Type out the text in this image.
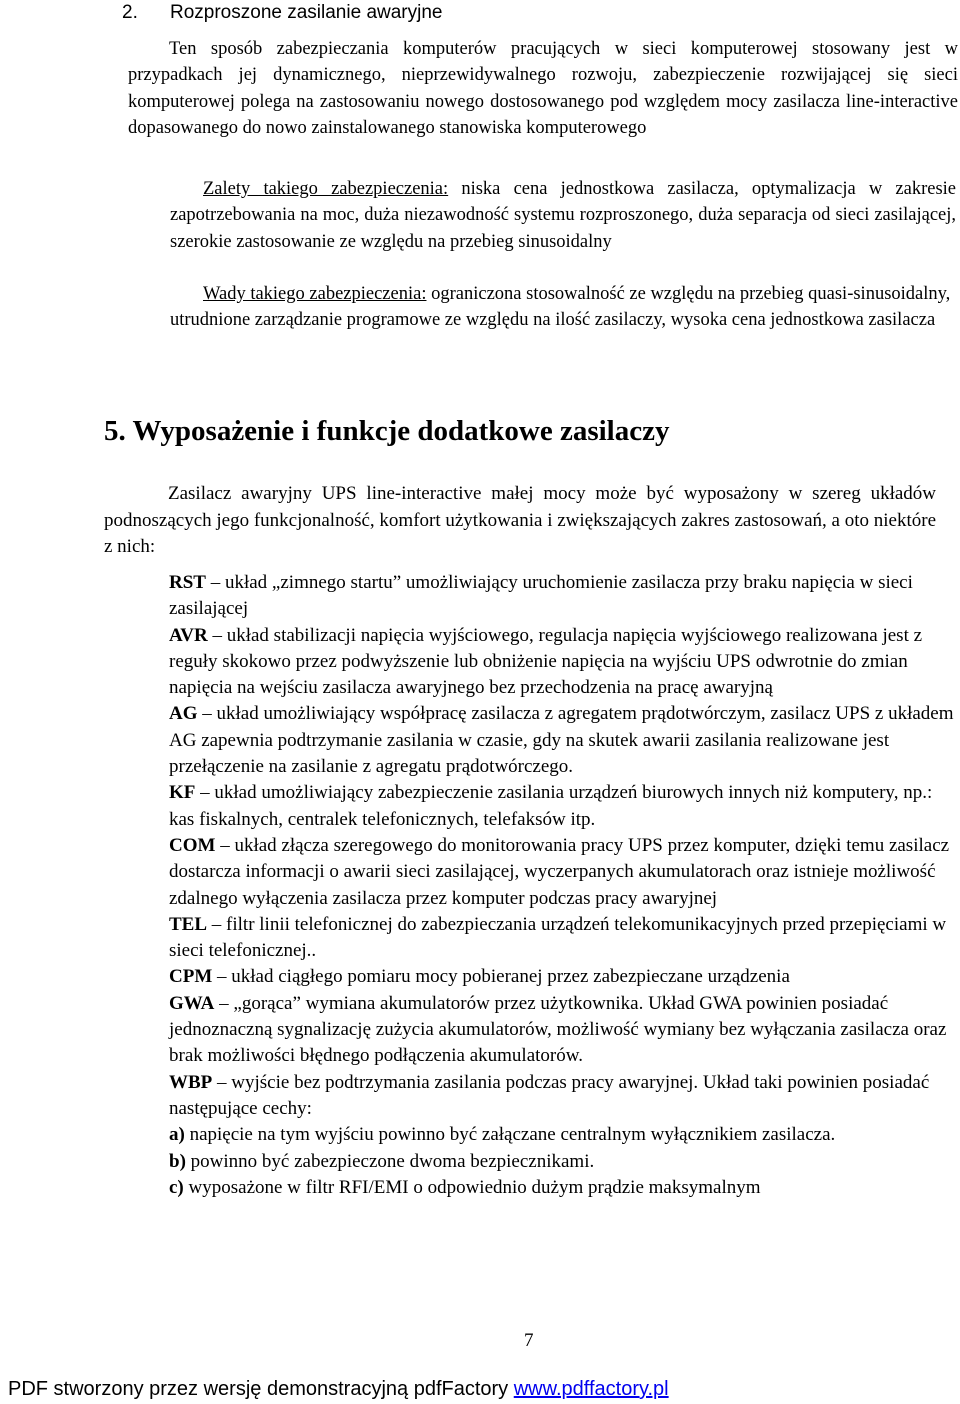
2. Rozproszone zasilanie awaryjne
Ten sposób zabezpieczania komputerów pracujących w sieci komputerowej stosowany jest w przypadkach jej dynamicznego, nieprzewidywalnego rozwoju, zabezpieczenie rozwijającej się sieci komputerowej polega na zastosowaniu nowego dostosowanego pod względem mocy zasilacza line-interactive dopasowanego do nowo zainstalowanego stanowiska komputerowego
Zalety takiego zabezpieczenia: niska cena jednostkowa zasilacza, optymalizacja w zakresie zapotrzebowania na moc, duża niezawodność systemu rozproszonego, duża separacja od sieci zasilającej, szerokie zastosowanie ze względu na przebieg sinusoidalny
Wady takiego zabezpieczenia: ograniczona stosowalność ze względu na przebieg quasi-sinusoidalny, utrudnione zarządzanie programowe ze względu na ilość zasilaczy, wysoka cena jednostkowa zasilacza
5. Wyposażenie i funkcje dodatkowe zasilaczy
Zasilacz awaryjny UPS line-interactive małej mocy może być wyposażony w szereg układów podnoszących jego funkcjonalność, komfort użytkowania i zwiększających zakres zastosowań, a oto niektóre z nich:

RST – układ „zimnego startu” umożliwiający uruchomienie zasilacza przy braku napięcia w sieci zasilającej

AVR – układ stabilizacji napięcia wyjściowego, regulacja napięcia wyjściowego realizowana jest z reguły skokowo przez podwyższenie lub obniżenie napięcia na wyjściu UPS odwrotnie do zmian napięcia na wejściu zasilacza awaryjnego bez przechodzenia na pracę awaryjną

AG – układ umożliwiający współpracę zasilacza z agregatem prądotwórczym, zasilacz UPS z układem AG zapewnia podtrzymanie zasilania w czasie, gdy na skutek awarii zasilania realizowane jest przełączenie na zasilanie z agregatu prądotwórczego.

KF – układ umożliwiający zabezpieczenie zasilania urządzeń biurowych innych niż komputery, np.: kas fiskalnych, centralek telefonicznych, telefaksów itp.

COM – układ złącza szeregowego do monitorowania pracy UPS przez komputer, dzięki temu zasilacz dostarcza informacji o awarii sieci zasilającej, wyczerpanych akumulatorach oraz istnieje możliwość zdalnego wyłączenia zasilacza przez komputer podczas pracy awaryjnej

TEL – filtr linii telefonicznej do zabezpieczania urządzeń telekomunikacyjnych przed przepięciami w sieci telefonicznej..

CPM – układ ciągłego pomiaru mocy pobieranej przez zabezpieczane urządzenia

GWA – „gorąca” wymiana akumulatorów przez użytkownika. Układ GWA powinien posiadać jednoznaczną sygnalizację zużycia akumulatorów, możliwość wymiany bez wyłączania zasilacza oraz brak możliwości błędnego podłączenia akumulatorów.

WBP – wyjście bez podtrzymania zasilania podczas pracy awaryjnej. Układ taki powinien posiadać następujące cechy:

a) napięcie na tym wyjściu powinno być załączane centralnym wyłącznikiem zasilacza.

b) powinno być zabezpieczone dwoma bezpiecznikami.

c) wyposażone w filtr RFI/EMI o odpowiednio dużym prądzie maksymalnym

7
PDF stworzony przez wersję demonstracyjną pdfFactory www.pdffactory.pl
